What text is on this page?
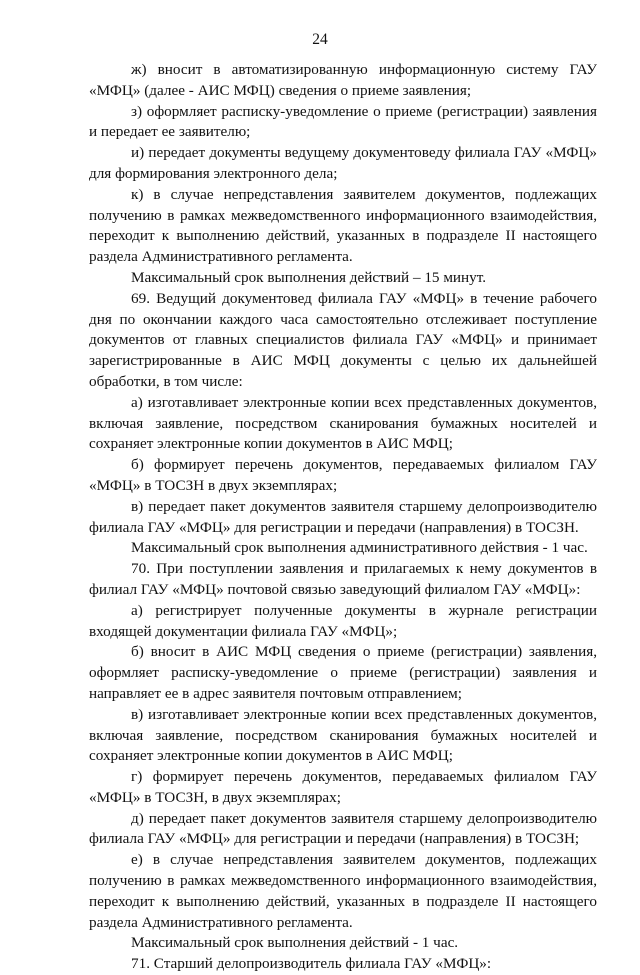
24

ж) вносит в автоматизированную информационную систему ГАУ «МФЦ» (далее - АИС МФЦ) сведения о приеме заявления;

з) оформляет расписку-уведомление о приеме (регистрации) заявления и передает ее заявителю;

и) передает документы ведущему документоведу филиала ГАУ «МФЦ» для формирования электронного дела;

к) в случае непредставления заявителем документов, подлежащих получению в рамках межведомственного информационного взаимодействия, переходит к выполнению действий, указанных в подразделе II настоящего раздела Административного регламента.

Максимальный срок выполнения действий – 15 минут.

69. Ведущий документовед филиала ГАУ «МФЦ» в течение рабочего дня по окончании каждого часа самостоятельно отслеживает поступление документов от главных специалистов филиала ГАУ «МФЦ» и принимает зарегистрированные в АИС МФЦ документы с целью их дальнейшей обработки, в том числе:

а) изготавливает электронные копии всех представленных документов, включая заявление, посредством сканирования бумажных носителей и сохраняет электронные копии документов в АИС МФЦ;

б) формирует перечень документов, передаваемых филиалом ГАУ «МФЦ» в ТОСЗН в двух экземплярах;

в) передает пакет документов заявителя старшему делопроизводителю филиала ГАУ «МФЦ» для регистрации и передачи (направления) в ТОСЗН.

Максимальный срок выполнения административного действия - 1 час.

70. При поступлении заявления и прилагаемых к нему документов в филиал ГАУ «МФЦ» почтовой связью заведующий филиалом ГАУ «МФЦ»:

а) регистрирует полученные документы в журнале регистрации входящей документации филиала ГАУ «МФЦ»;

б) вносит в АИС МФЦ сведения о приеме (регистрации) заявления, оформляет расписку-уведомление о приеме (регистрации) заявления и направляет ее в адрес заявителя почтовым отправлением;

в) изготавливает электронные копии всех представленных документов, включая заявление, посредством сканирования бумажных носителей и сохраняет электронные копии документов в АИС МФЦ;

г) формирует перечень документов, передаваемых филиалом ГАУ «МФЦ» в ТОСЗН, в двух экземплярах;

д) передает пакет документов заявителя старшему делопроизводителю филиала ГАУ «МФЦ» для регистрации и передачи (направления) в ТОСЗН;

е) в случае непредставления заявителем документов, подлежащих получению в рамках межведомственного информационного взаимодействия, переходит к выполнению действий, указанных в подразделе II настоящего раздела Административного регламента.

Максимальный срок выполнения действий - 1 час.

71. Старший делопроизводитель филиала ГАУ «МФЦ»:
